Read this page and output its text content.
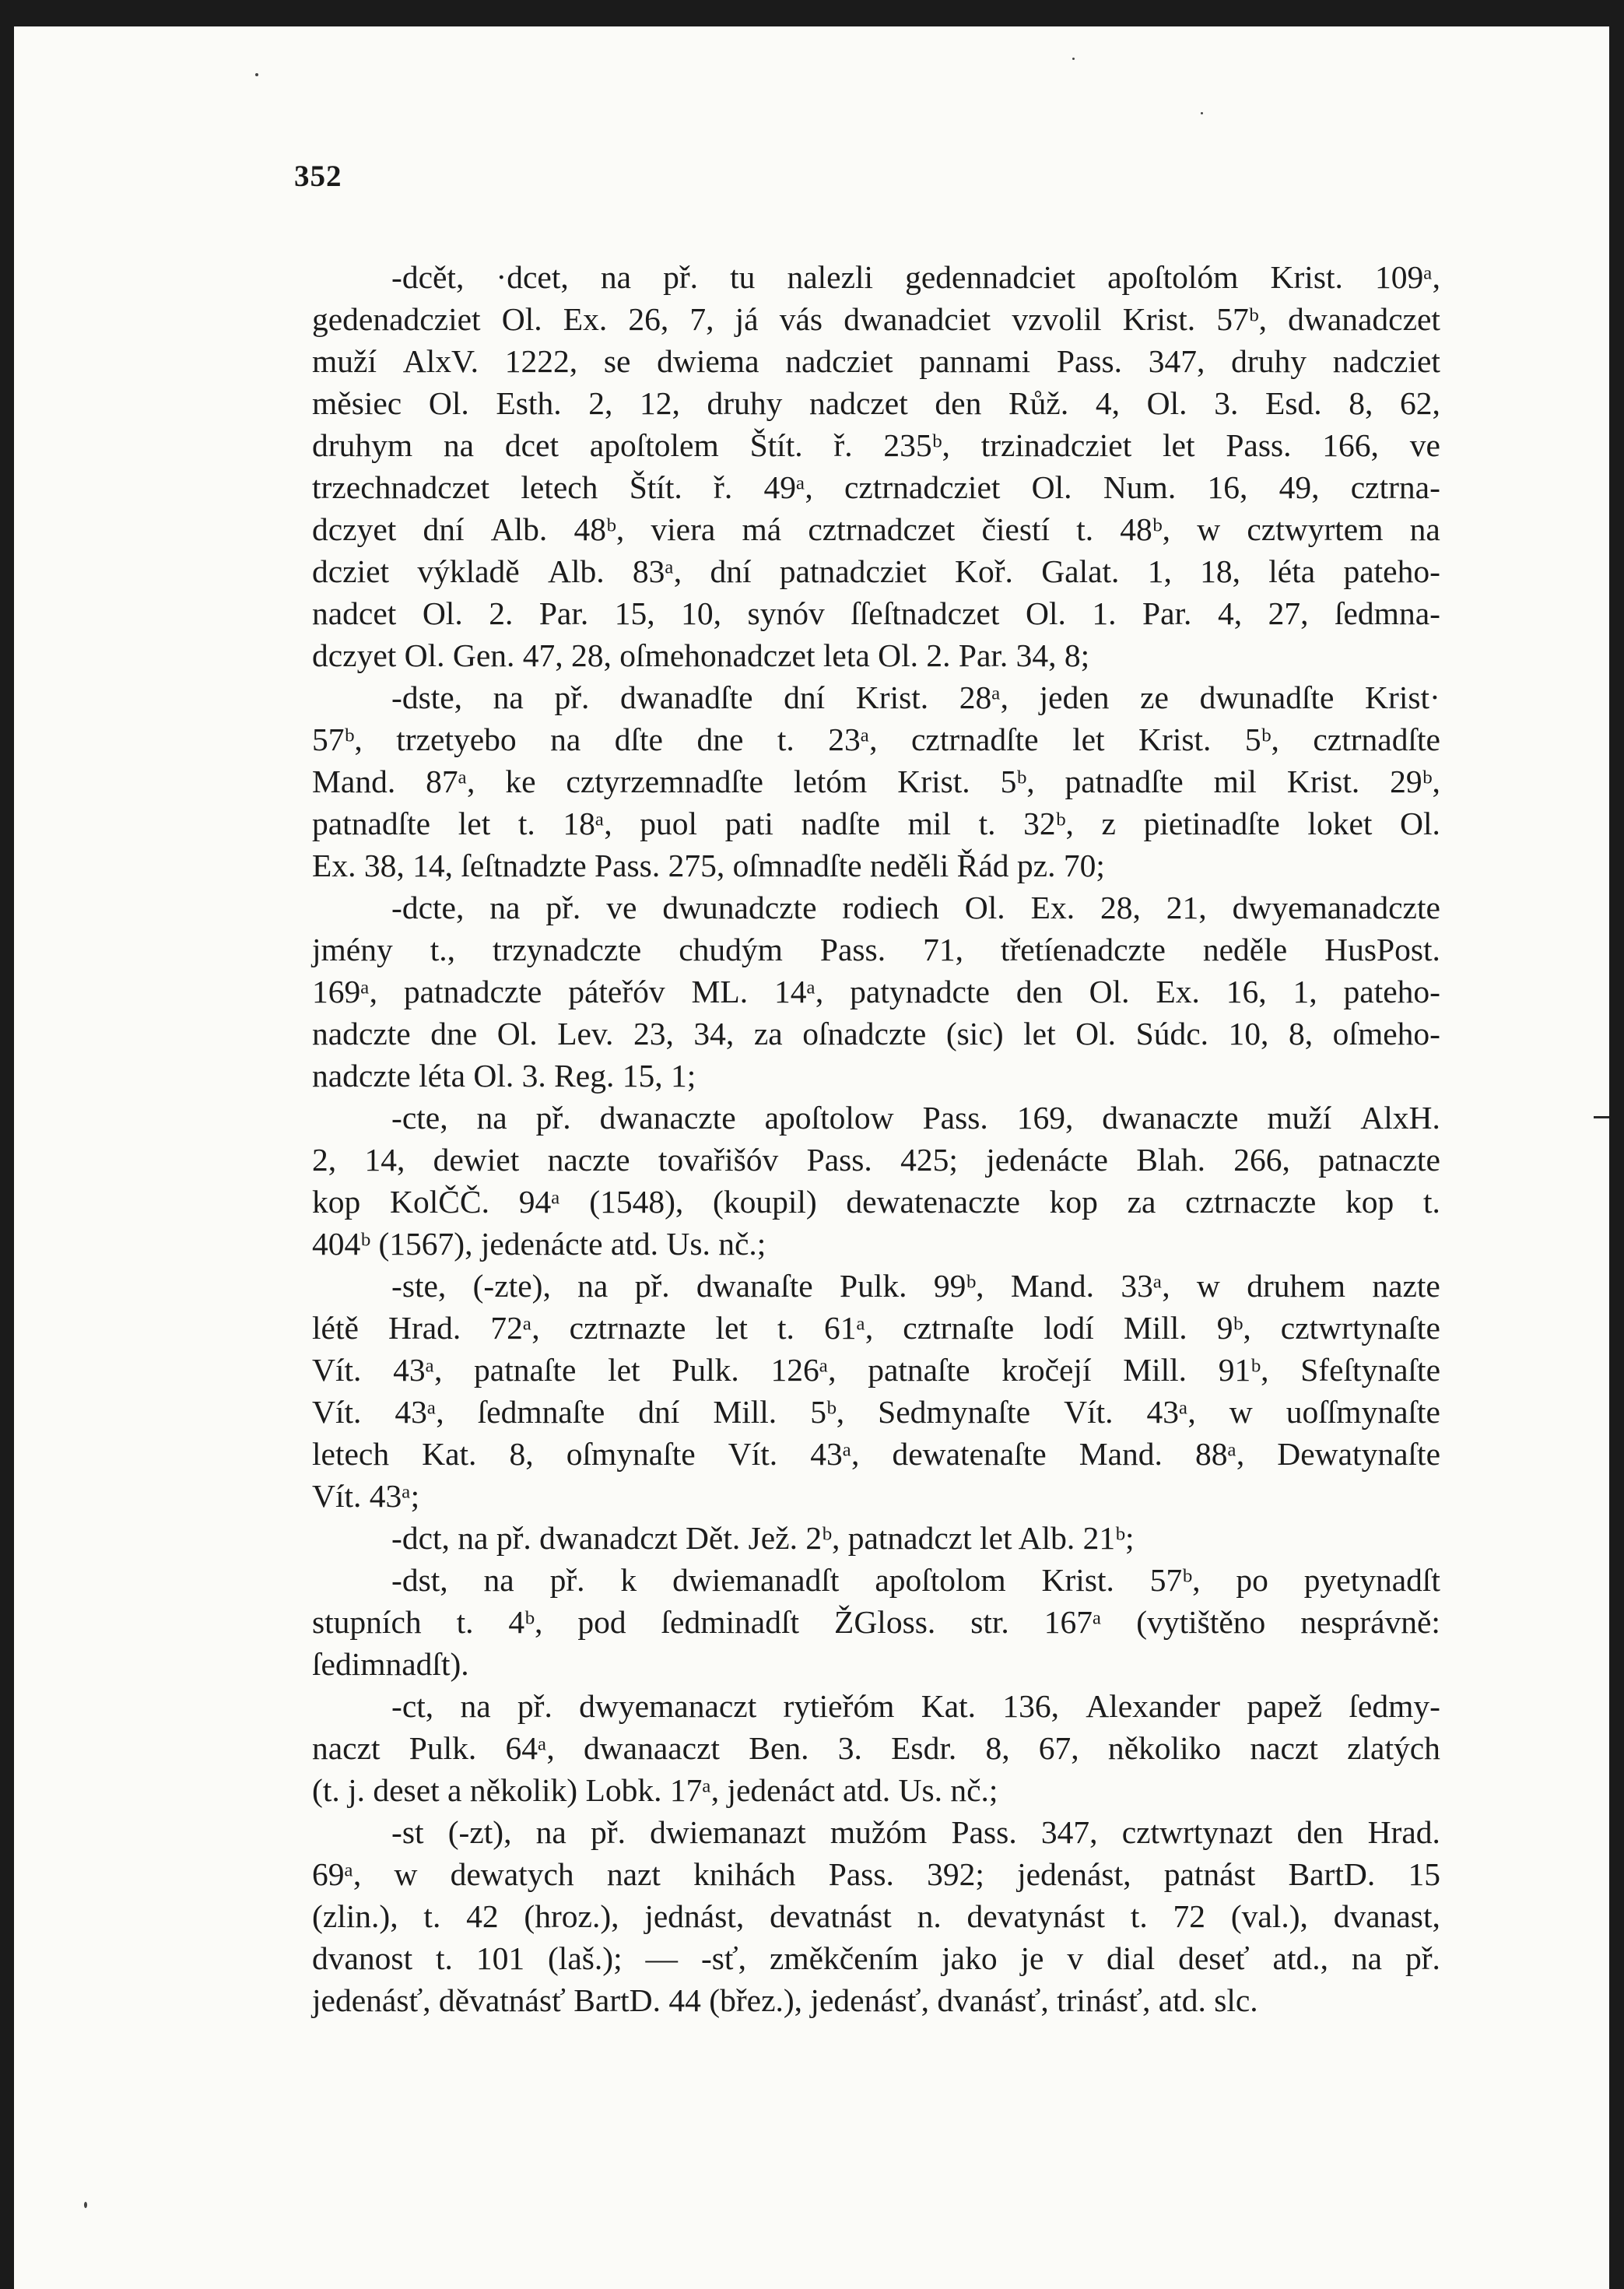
352
-dcět, ·dcet, na př. tu nalezli gedennadciet apoſtolóm Krist. 109ᵃ,
gedenadcziet Ol. Ex. 26, 7, já vás dwanadciet vzvolil Krist. 57ᵇ, dwanadczet
muží AlxV. 1222, se dwiema nadcziet pannami Pass. 347, druhy nadcziet
měsiec Ol. Esth. 2, 12, druhy nadczet den Růž. 4, Ol. 3. Esd. 8, 62,
druhym na dcet apoſtolem Štít. ř. 235ᵇ, trzinadcziet let Pass. 166, ve
trzechnadczet letech Štít. ř. 49ᵃ, cztrnadcziet Ol. Num. 16, 49, cztrna-
dczyet dní Alb. 48ᵇ, viera má cztrnadczet čiestí t. 48ᵇ, w cztwyrtem na
dcziet výkladě Alb. 83ᵃ, dní patnadcziet Koř. Galat. 1, 18, léta pateho-
nadcet Ol. 2. Par. 15, 10, synóv ſſeſtnadczet Ol. 1. Par. 4, 27, ſedmna-
dczyet Ol. Gen. 47, 28, oſmehonadczet leta Ol. 2. Par. 34, 8;
-dste, na př. dwanadſte dní Krist. 28ᵃ, jeden ze dwunadſte Krist·
57ᵇ, trzetyebo na dſte dne t. 23ᵃ, cztrnadſte let Krist. 5ᵇ, cztrnadſte
Mand. 87ᵃ, ke cztyrzemnadſte letóm Krist. 5ᵇ, patnadſte mil Krist. 29ᵇ,
patnadſte let t. 18ᵃ, puol pati nadſte mil t. 32ᵇ, z pietinadſte loket Ol.
Ex. 38, 14, ſeſtnadzte Pass. 275, oſmnadſte neděli Řád pz. 70;
-dcte, na př. ve dwunadczte rodiech Ol. Ex. 28, 21, dwyemanadczte
jmény t., trzynadczte chudým Pass. 71, třetíenadczte neděle HusPost.
169ᵃ, patnadczte páteřóv ML. 14ᵃ, patynadcte den Ol. Ex. 16, 1, pateho-
nadczte dne Ol. Lev. 23, 34, za oſnadczte (sic) let Ol. Súdc. 10, 8, oſmeho-
nadczte léta Ol. 3. Reg. 15, 1;
-cte, na př. dwanaczte apoſtolow Pass. 169, dwanaczte muží AlxH.
2, 14, dewiet naczte tovařišóv Pass. 425; jedenácte Blah. 266, patnaczte
kop KolČČ. 94ᵃ (1548), (koupil) dewatenaczte kop za cztrnaczte kop t.
404ᵇ (1567), jedenácte atd. Us. nč.;
-ste, (-zte), na př. dwanaſte Pulk. 99ᵇ, Mand. 33ᵃ, w druhem nazte
létě Hrad. 72ᵃ, cztrnazte let t. 61ᵃ, cztrnaſte lodí Mill. 9ᵇ, cztwrtynaſte
Vít. 43ᵃ, patnaſte let Pulk. 126ᵃ, patnaſte kročejí Mill. 91ᵇ, Sfeſtynaſte
Vít. 43ᵃ, ſedmnaſte dní Mill. 5ᵇ, Sedmynaſte Vít. 43ᵃ, w uoſſmynaſte
letech Kat. 8, oſmynaſte Vít. 43ᵃ, dewatenaſte Mand. 88ᵃ, Dewatynaſte
Vít. 43ᵃ;
-dct, na př. dwanadczt Dět. Jež. 2ᵇ, patnadczt let Alb. 21ᵇ;
-dst, na př. k dwiemanadſt apoſtolom Krist. 57ᵇ, po pyetynadſt
stupních t. 4ᵇ, pod ſedminadſt ŽGloss. str. 167ᵃ (vytištěno nesprávně:
ſedimnadſt).
-ct, na př. dwyemanaczt rytieřóm Kat. 136, Alexander papež ſedmy-
naczt Pulk. 64ᵃ, dwanaaczt Ben. 3. Esdr. 8, 67, několiko naczt zlatých
(t. j. deset a několik) Lobk. 17ᵃ, jedenáct atd. Us. nč.;
-st (-zt), na př. dwiemanazt mužóm Pass. 347, cztwrtynazt den Hrad.
69ᵃ, w dewatych nazt knihách Pass. 392; jedenást, patnást BartD. 15
(zlin.), t. 42 (hroz.), jednást, devatnást n. devatynást t. 72 (val.), dvanast,
dvanost t. 101 (laš.); — -sť, změkčením jako je v dial deseť atd., na př.
jedenásť, děvatnásť BartD. 44 (břez.), jedenásť, dvanásť, trinásť, atd. slc.
